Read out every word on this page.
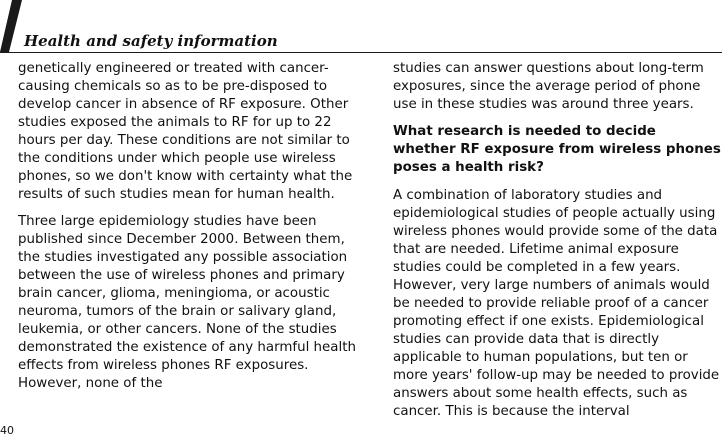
Health and safety information

genetically engineered or treated with cancer-causing chemicals so as to be pre-disposed to develop cancer in absence of RF exposure. Other studies exposed the animals to RF for up to 22 hours per day. These conditions are not similar to the conditions under which people use wireless phones, so we don't know with certainty what the results of such studies mean for human health.

Three large epidemiology studies have been published since December 2000. Between them, the studies investigated any possible association between the use of wireless phones and primary brain cancer, glioma, meningioma, or acoustic neuroma, tumors of the brain or salivary gland, leukemia, or other cancers. None of the studies demonstrated the existence of any harmful health effects from wireless phones RF exposures. However, none of the

studies can answer questions about long-term exposures, since the average period of phone use in these studies was around three years.

What research is needed to decide whether RF exposure from wireless phones poses a health risk?

A combination of laboratory studies and epidemiological studies of people actually using wireless phones would provide some of the data that are needed. Lifetime animal exposure studies could be completed in a few years. However, very large numbers of animals would be needed to provide reliable proof of a cancer promoting effect if one exists. Epidemiological studies can provide data that is directly applicable to human populations, but ten or more years' follow-up may be needed to provide answers about some health effects, such as cancer. This is because the interval

40
